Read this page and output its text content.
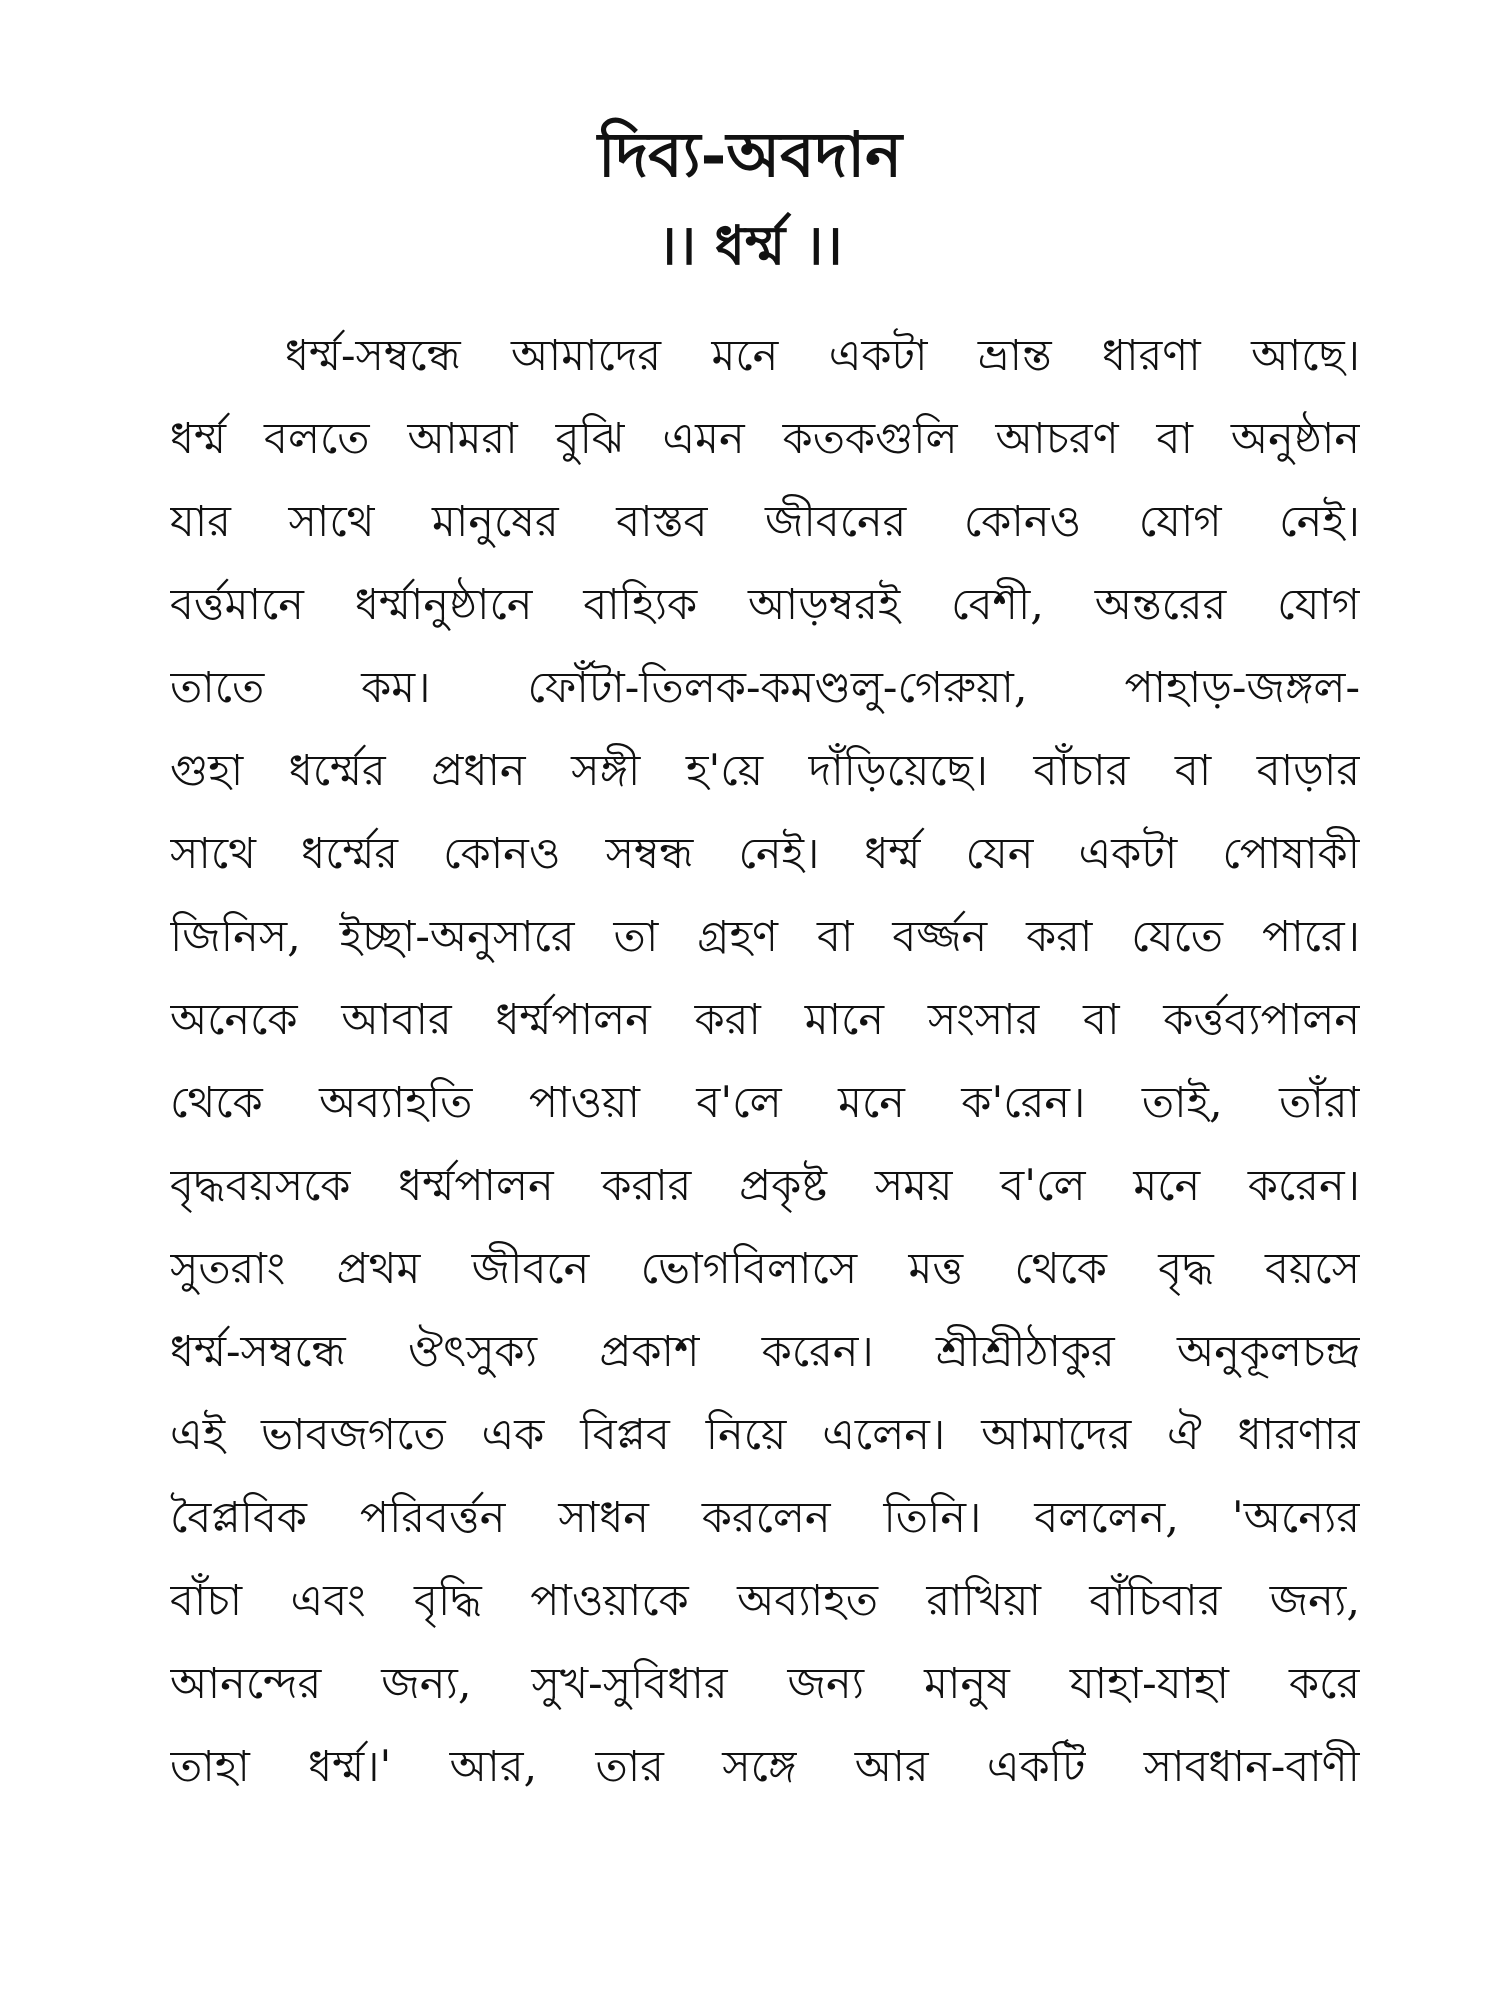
দিব্য-অবদান
।। ধর্ম্ম ।।
ধর্ম্ম-সম্বন্ধে আমাদের মনে একটা ভ্রান্ত ধারণা আছে।
ধর্ম্ম বলতে আমরা বুঝি এমন কতকগুলি আচরণ বা অনুষ্ঠান
যার সাথে মানুষের বাস্তব জীবনের কোনও যোগ নেই।
বর্ত্তমানে ধর্ম্মানুষ্ঠানে বাহ্যিক আড়ম্বরই বেশী, অন্তরের যোগ
তাতে কম। ফোঁটা-তিলক-কমণ্ডলু-গেরুয়া, পাহাড়-জঙ্গল-
গুহা ধর্ম্মের প্রধান সঙ্গী হ'য়ে দাঁড়িয়েছে। বাঁচার বা বাড়ার
সাথে ধর্ম্মের কোনও সম্বন্ধ নেই। ধর্ম্ম যেন একটা পোষাকী
জিনিস, ইচ্ছা-অনুসারে তা গ্রহণ বা বর্জ্জন করা যেতে পারে।
অনেকে আবার ধর্ম্মপালন করা মানে সংসার বা কর্ত্তব্যপালন
থেকে অব্যাহতি পাওয়া ব'লে মনে ক'রেন। তাই, তাঁরা
বৃদ্ধবয়সকে ধর্ম্মপালন করার প্রকৃষ্ট সময় ব'লে মনে করেন।
সুতরাং প্রথম জীবনে ভোগবিলাসে মত্ত থেকে বৃদ্ধ বয়সে
ধর্ম্ম-সম্বন্ধে ঔৎসুক্য প্রকাশ করেন। শ্রীশ্রীঠাকুর অনুকূলচন্দ্র
এই ভাবজগতে এক বিপ্লব নিয়ে এলেন। আমাদের ঐ ধারণার
বৈপ্লবিক পরিবর্ত্তন সাধন করলেন তিনি। বললেন, 'অন্যের
বাঁচা এবং বৃদ্ধি পাওয়াকে অব্যাহত রাখিয়া বাঁচিবার জন্য,
আনন্দের জন্য, সুখ-সুবিধার জন্য মানুষ যাহা-যাহা করে
তাহা ধর্ম্ম।' আর, তার সঙ্গে আর একটি সাবধান-বাণী
